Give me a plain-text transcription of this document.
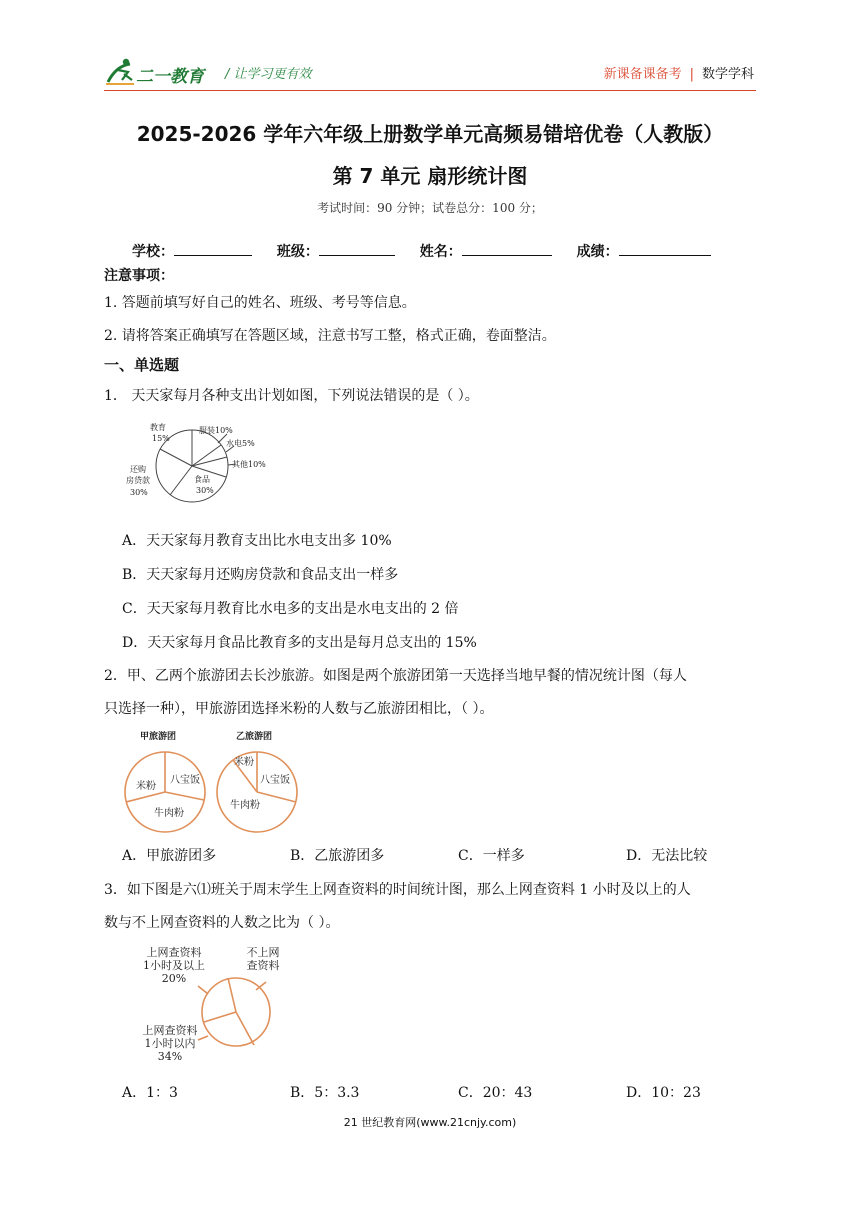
二一教育 / 让学习更有效	新课备课备考 | 数学学科
2025-2026 学年六年级上册数学单元高频易错培优卷（人教版）
第 7 单元 扇形统计图
考试时间：90 分钟；试卷总分：100 分；
学校：	班级：	姓名：	成绩：
注意事项：
1. 答题前填写好自己的姓名、班级、考号等信息。
2. 请将答案正确填写在答题区域，注意书写工整，格式正确，卷面整洁。
一、单选题
1． 天天家每月各种支出计划如图，下列说法错误的是（ ）。
教育
15%
服装10%
水电5%
其他10%
食品
30%
还购
房贷款
30%
A．天天家每月教育支出比水电支出多 10%
B．天天家每月还购房贷款和食品支出一样多
C．天天家每月教育比水电多的支出是水电支出的 2 倍
D．天天家每月食品比教育多的支出是每月总支出的 15%
2．甲、乙两个旅游团去长沙旅游。如图是两个旅游团第一天选择当地早餐的情况统计图（每人
只选择一种），甲旅游团选择米粉的人数与乙旅游团相比，（ ）。
甲旅游团	乙旅游团
米粉
八宝饭
牛肉粉
米粉
八宝饭
牛肉粉
A．甲旅游团多	B．乙旅游团多	C．一样多	D．无法比较
3．如下图是六⑴班关于周末学生上网查资料的时间统计图，那么上网查资料 1 小时及以上的人
数与不上网查资料的人数之比为（ ）。
上网查资料
1小时及以上
20%
不上网
查资料
上网查资料
1小时以内
34%
A．1：3	B．5：3.3	C．20：43	D．10：23
21 世纪教育网(www.21cnjy.com)
